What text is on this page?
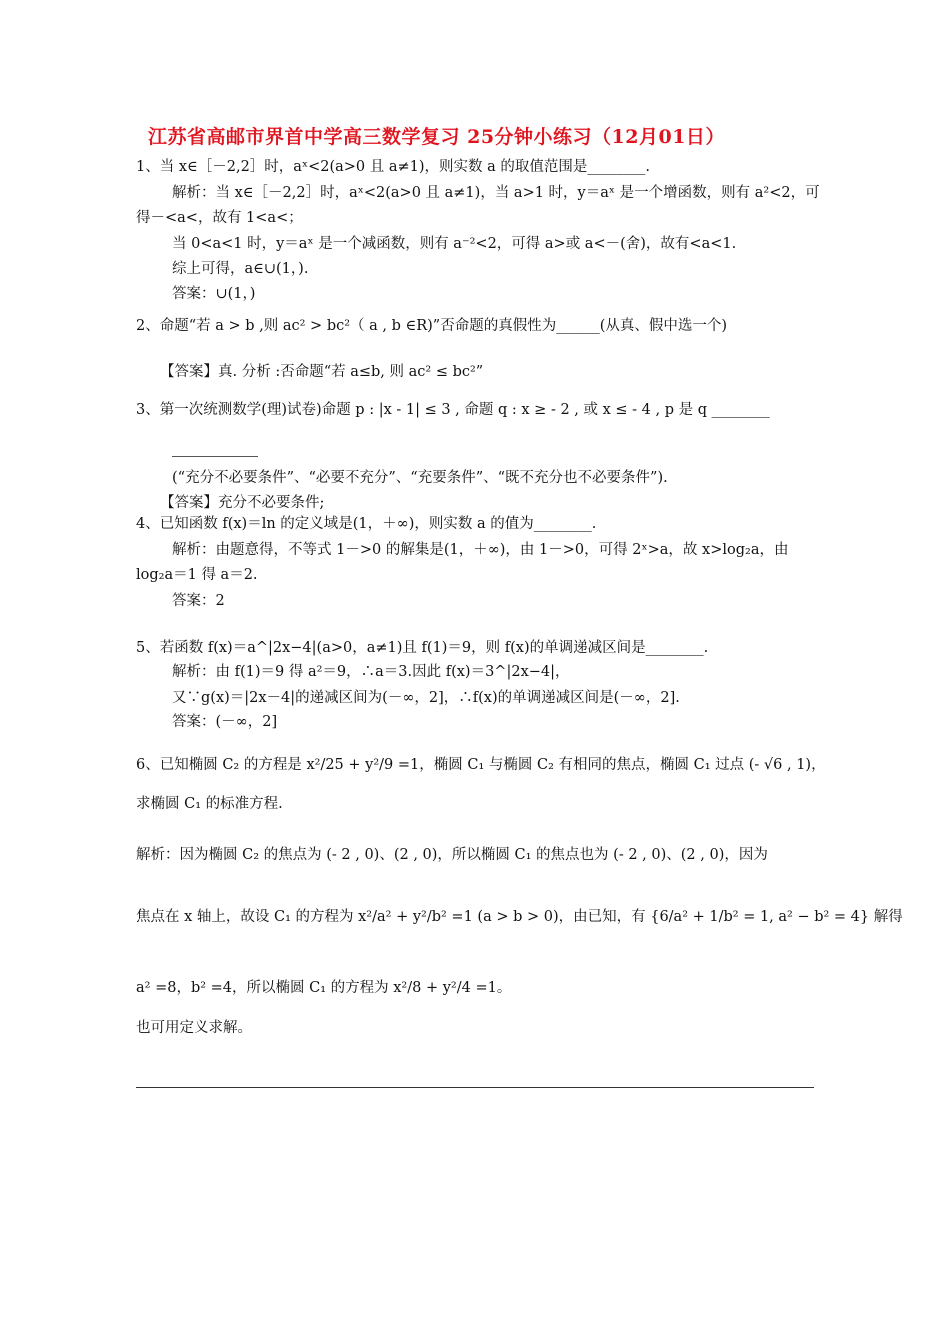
江苏省高邮市界首中学高三数学复习 25分钟小练习（12月01日）
1、当 x∈［－2,2］时，aˣ<2(a>0 且 a≠1)，则实数 a 的取值范围是________.
解析：当 x∈［－2,2］时，aˣ<2(a>0 且 a≠1)，当 a>1 时，y＝aˣ 是一个增函数，则有 a²<2，可
得－<a<，故有 1<a<；
当 0<a<1 时，y＝aˣ 是一个减函数，则有 a⁻²<2，可得 a>或 a<－(舍)，故有<a<1.
综上可得，a∈∪(1，).
答案：∪(1，)
2、命题“若 a > b ,则 ac² > bc²（ a , b ∈R)”否命题的真假性为______(从真、假中选一个)
【答案】真. 分析 :否命题“若 a≤b, 则 ac² ≤ bc²”
3、第一次统测数学(理)试卷)命题 p : |x - 1| ≤ 3 , 命题 q : x ≥ - 2 , 或 x ≤ - 4 , p 是 q ________
(“充分不必要条件”、“必要不充分”、“充要条件”、“既不充分也不必要条件”).
【答案】充分不必要条件;
4、已知函数 f(x)＝ln 的定义域是(1，＋∞)，则实数 a 的值为________.
解析：由题意得，不等式 1－>0 的解集是(1，＋∞)，由 1－>0，可得 2ˣ>a，故 x>log₂a，由
log₂a＝1 得 a＝2.
答案：2
5、若函数 f(x)＝a^|2x−4|(a>0，a≠1)且 f(1)＝9，则 f(x)的单调递减区间是________.
解析：由 f(1)＝9 得 a²＝9，∴a＝3.因此 f(x)＝3^|2x−4|，
又∵g(x)＝|2x－4|的递减区间为(－∞，2]，∴f(x)的单调递减区间是(－∞，2].
答案：(－∞，2]
6、已知椭圆 C₂ 的方程是 x²/25 + y²/9 =1，椭圆 C₁ 与椭圆 C₂ 有相同的焦点，椭圆 C₁ 过点 (- √6 , 1)，
求椭圆 C₁ 的标准方程.
解析：因为椭圆 C₂ 的焦点为 (- 2 , 0)、(2 , 0)，所以椭圆 C₁ 的焦点也为 (- 2 , 0)、(2 , 0)，因为
焦点在 x 轴上，故设 C₁ 的方程为 x²/a² + y²/b² =1 (a > b > 0)，由已知，有 {6/a² + 1/b² = 1, a² − b² = 4} 解得
a² =8，b² =4，所以椭圆 C₁ 的方程为 x²/8 + y²/4 =1。
也可用定义求解。
